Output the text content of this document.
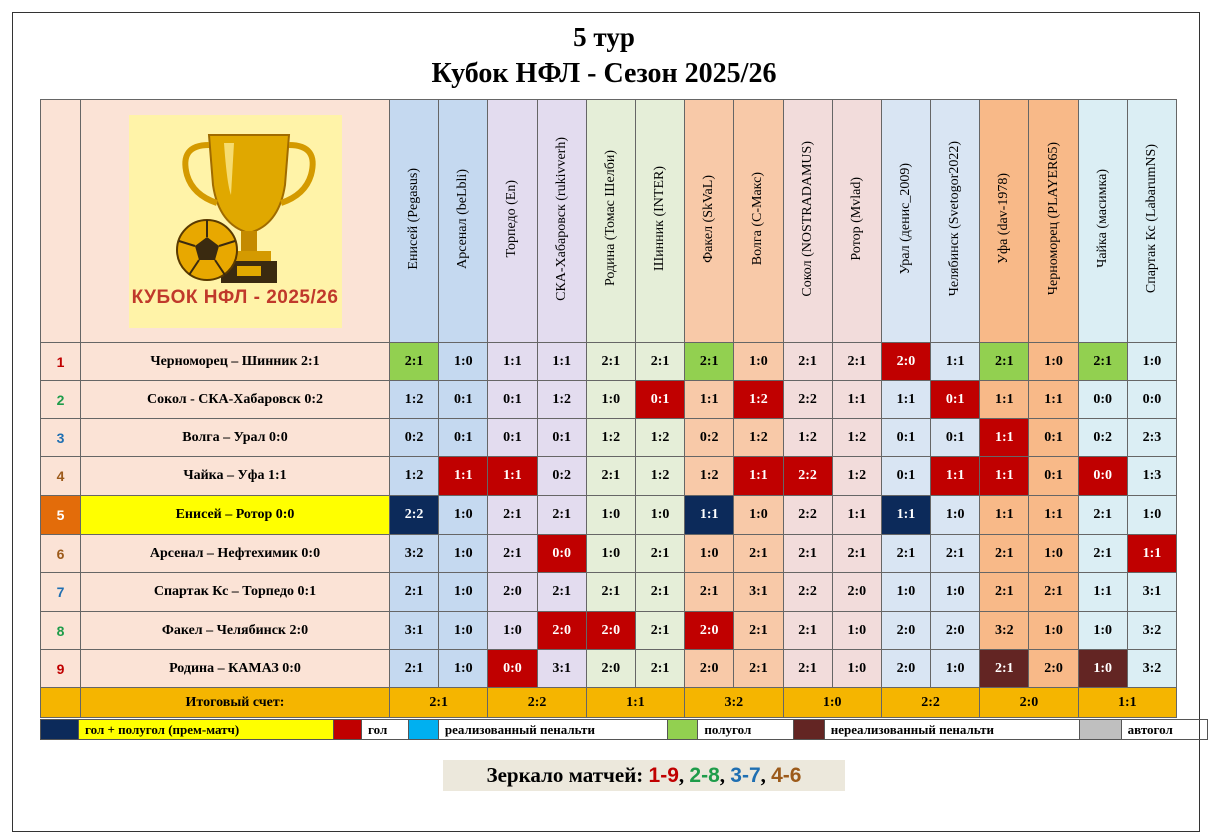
5 тур
Кубок НФЛ - Сезон 2025/26

	КУБОК НФЛ - 2025/26	Енисей (Pegasus)	Арсенал (beLbli)	Торпедо (En)	СКА-Хабаровск (rukivverh)	Родина (Томас Шелби)	Шинник (INTER)	Факел (SkVaL)	Волга (C-Макс)	Сокол (NOSTRADAMUS)	Ротор (Mvlad)	Урал (денис_2009)	Челябинск (Svetogor2022)	Уфа (dav-1978)	Черноморец (PLAYER65)	Чайка (масимка)	Спартак Кс (LabarumNS)
1	Черноморец – Шинник 2:1	2:1	1:0	1:1	1:1	2:1	2:1	2:1	1:0	2:1	2:1	2:0	1:1	2:1	1:0	2:1	1:0
2	Сокол - СКА-Хабаровск 0:2	1:2	0:1	0:1	1:2	1:0	0:1	1:1	1:2	2:2	1:1	1:1	0:1	1:1	1:1	0:0	0:0
3	Волга – Урал 0:0	0:2	0:1	0:1	0:1	1:2	1:2	0:2	1:2	1:2	1:2	0:1	0:1	1:1	0:1	0:2	2:3
4	Чайка – Уфа 1:1	1:2	1:1	1:1	0:2	2:1	1:2	1:2	1:1	2:2	1:2	0:1	1:1	1:1	0:1	0:0	1:3
5	Енисей – Ротор 0:0	2:2	1:0	2:1	2:1	1:0	1:0	1:1	1:0	2:2	1:1	1:1	1:0	1:1	1:1	2:1	1:0
6	Арсенал – Нефтехимик 0:0	3:2	1:0	2:1	0:0	1:0	2:1	1:0	2:1	2:1	2:1	2:1	2:1	2:1	1:0	2:1	1:1
7	Спартак Кс – Торпедо 0:1	2:1	1:0	2:0	2:1	2:1	2:1	2:1	3:1	2:2	2:0	1:0	1:0	2:1	2:1	1:1	3:1
8	Факел – Челябинск 2:0	3:1	1:0	1:0	2:0	2:0	2:1	2:0	2:1	2:1	1:0	2:0	2:0	3:2	1:0	1:0	3:2
9	Родина – КАМАЗ 0:0	2:1	1:0	0:0	3:1	2:0	2:1	2:0	2:1	2:1	1:0	2:0	1:0	2:1	2:0	1:0	3:2
	Итоговый счет:	2:1		2:2		1:1		3:2		1:0		2:2		2:0		1:1	
	гол + полугол (прем-матч)		гол		реализованный пенальти		полугол		нереализованный пенальти		автогол
Зеркало матчей: 1-9, 2-8, 3-7, 4-6
